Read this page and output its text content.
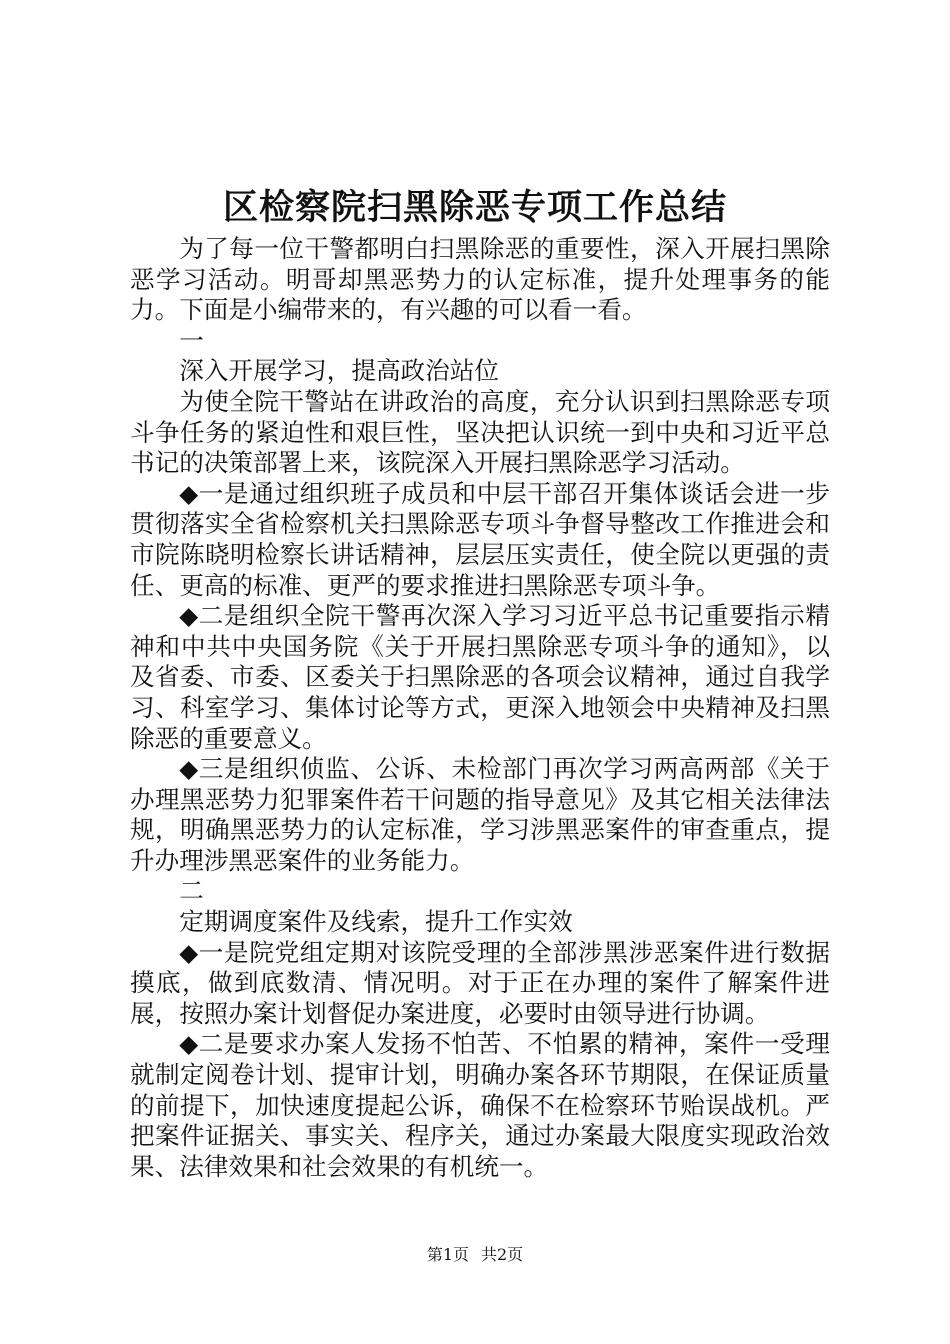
区检察院扫黑除恶专项工作总结

为了每一位干警都明白扫黑除恶的重要性，深入开展扫黑除恶学习活动。明哥却黑恶势力的认定标准，提升处理事务的能力。下面是小编带来的，有兴趣的可以看一看。

一

深入开展学习，提高政治站位

为使全院干警站在讲政治的高度，充分认识到扫黑除恶专项斗争任务的紧迫性和艰巨性，坚决把认识统一到中央和习近平总书记的决策部署上来，该院深入开展扫黑除恶学习活动。

◆一是通过组织班子成员和中层干部召开集体谈话会进一步贯彻落实全省检察机关扫黑除恶专项斗争督导整改工作推进会和市院陈晓明检察长讲话精神，层层压实责任，使全院以更强的责任、更高的标准、更严的要求推进扫黑除恶专项斗争。

◆二是组织全院干警再次深入学习习近平总书记重要指示精神和中共中央国务院《关于开展扫黑除恶专项斗争的通知》，以及省委、市委、区委关于扫黑除恶的各项会议精神，通过自我学习、科室学习、集体讨论等方式，更深入地领会中央精神及扫黑除恶的重要意义。

◆三是组织侦监、公诉、未检部门再次学习两高两部《关于办理黑恶势力犯罪案件若干问题的指导意见》及其它相关法律法规，明确黑恶势力的认定标准，学习涉黑恶案件的审查重点，提升办理涉黑恶案件的业务能力。

二

定期调度案件及线索，提升工作实效

◆一是院党组定期对该院受理的全部涉黑涉恶案件进行数据摸底，做到底数清、情况明。对于正在办理的案件了解案件进展，按照办案计划督促办案进度，必要时由领导进行协调。

◆二是要求办案人发扬不怕苦、不怕累的精神，案件一受理就制定阅卷计划、提审计划，明确办案各环节期限，在保证质量的前提下，加快速度提起公诉，确保不在检察环节贻误战机。严把案件证据关、事实关、程序关，通过办案最大限度实现政治效果、法律效果和社会效果的有机统一。

第1页 共2页
